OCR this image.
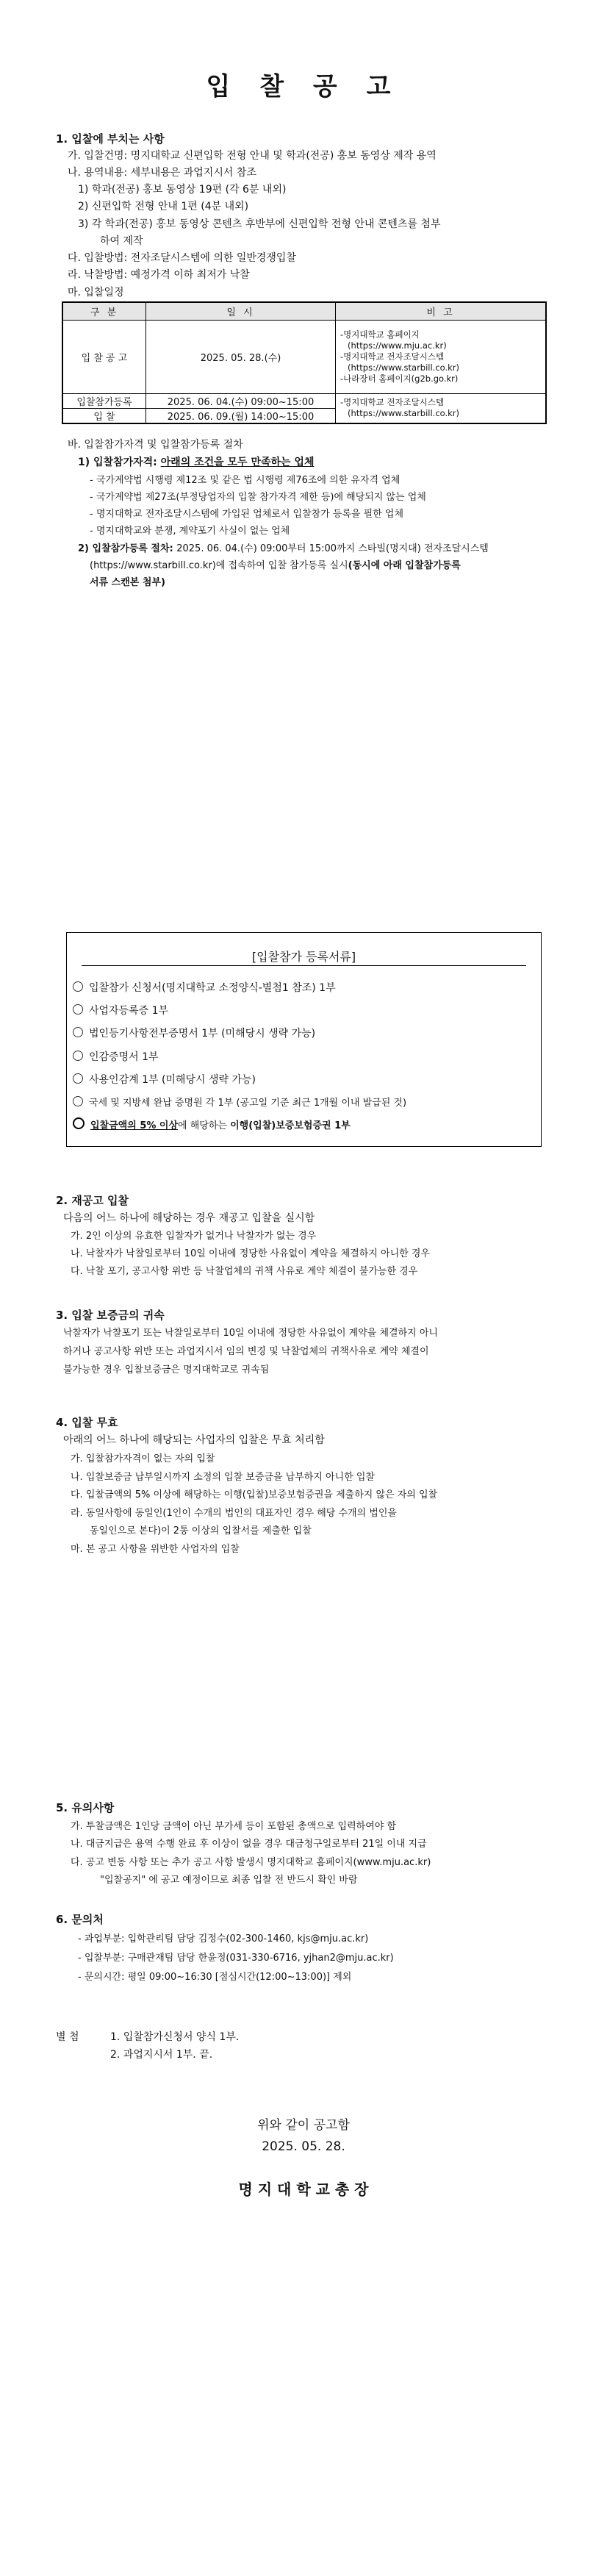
입 찰 공 고
1. 입찰에 부치는 사항
가. 입찰건명: 명지대학교 신편입학 전형 안내 및 학과(전공) 홍보 동영상 제작 용역
나. 용역내용: 세부내용은 과업지시서 참조
1) 학과(전공) 홍보 동영상 19편 (각 6분 내외)
2) 신편입학 전형 안내 1편 (4분 내외)
3) 각 학과(전공) 홍보 동영상 콘텐츠 후반부에 신편입학 전형 안내 콘텐츠를 첨부
하여 제작
다. 입찰방법: 전자조달시스템에 의한 일반경쟁입찰
라. 낙찰방법: 예정가격 이하 최저가 낙찰
마. 입찰일정
구 분	일 시	비 고
입 찰 공 고	2025. 05. 28.(수)	-명지대학교 홈페이지
(https://www.mju.ac.kr)
-명지대학교 전자조달시스템
(https://www.starbill.co.kr)
-나라장터 홈페이지(g2b.go.kr)

입찰참가등록	2025. 06. 04.(수) 09:00~15:00	-명지대학교 전자조달시스템
(https://www.starbill.co.kr)

입 찰	2025. 06. 09.(월) 14:00~15:00	
바. 입찰참가자격 및 입찰참가등록 절차
1) 입찰참가자격: 아래의 조건을 모두 만족하는 업체
- 국가계약법 시행령 제12조 및 같은 법 시행령 제76조에 의한 유자격 업체
- 국가계약법 제27조(부정당업자의 입찰 참가자격 제한 등)에 해당되지 않는 업체
- 명지대학교 전자조달시스템에 가입된 업체로서 입찰참가 등록을 필한 업체
- 명지대학교와 분쟁, 계약포기 사실이 없는 업체
2) 입찰참가등록 절차: 2025. 06. 04.(수) 09:00부터 15:00까지 스타빌(명지대) 전자조달시스템
(https://www.starbill.co.kr)에 접속하여 입찰 참가등록 실시(동시에 아래 입찰참가등록
서류 스캔본 첨부)
[입찰참가 등록서류]
입찰참가 신청서(명지대학교 소정양식-별첨1 참조) 1부
사업자등록증 1부
법인등기사항전부증명서 1부 (미해당시 생략 가능)
인감증명서 1부
사용인감계 1부 (미해당시 생략 가능)
국세 및 지방세 완납 증명원 각 1부 (공고일 기준 최근 1개월 이내 발급된 것)
입찰금액의 5% 이상에 해당하는 이행(입찰)보증보험증권 1부
2. 재공고 입찰
다음의 어느 하나에 해당하는 경우 재공고 입찰을 실시함
가. 2인 이상의 유효한 입찰자가 없거나 낙찰자가 없는 경우
나. 낙찰자가 낙찰일로부터 10일 이내에 정당한 사유없이 계약을 체결하지 아니한 경우
다. 낙찰 포기, 공고사항 위반 등 낙찰업체의 귀책 사유로 계약 체결이 불가능한 경우
3. 입찰 보증금의 귀속
낙찰자가 낙찰포기 또는 낙찰일로부터 10일 이내에 정당한 사유없이 계약을 체결하지 아니
하거나 공고사항 위반 또는 과업지시서 임의 변경 및 낙찰업체의 귀책사유로 계약 체결이
불가능한 경우 입찰보증금은 명지대학교로 귀속됨
4. 입찰 무효
아래의 어느 하나에 해당되는 사업자의 입찰은 무효 처리함
가. 입찰참가자격이 없는 자의 입찰
나. 입찰보증금 납부일시까지 소정의 입찰 보증금을 납부하지 아니한 입찰
다. 입찰금액의 5% 이상에 해당하는 이행(입찰)보증보험증권을 제출하지 않은 자의 입찰
라. 동일사항에 동일인(1인이 수개의 법인의 대표자인 경우 해당 수개의 법인을
동일인으로 본다)이 2통 이상의 입찰서를 제출한 입찰
마. 본 공고 사항을 위반한 사업자의 입찰
5. 유의사항
가. 투찰금액은 1인당 금액이 아닌 부가세 등이 포함된 총액으로 입력하여야 함
나. 대금지급은 용역 수행 완료 후 이상이 없을 경우 대금청구일로부터 21일 이내 지급
다. 공고 변동 사항 또는 추가 공고 사항 발생시 명지대학교 홈페이지(www.mju.ac.kr)
"입찰공지" 에 공고 예정이므로 최종 입찰 전 반드시 확인 바람
6. 문의처
- 과업부분: 입학관리팀 담당 김정수(02-300-1460, kjs@mju.ac.kr)
- 입찰부분: 구매관재팀 담당 한윤정(031-330-6716, yjhan2@mju.ac.kr)
- 문의시간: 평일 09:00~16:30 [점심시간(12:00~13:00)] 제외
별 첨	1. 입찰참가신청서 양식 1부.
2. 과업지시서 1부. 끝.
위와 같이 공고함
2025. 05. 28.
명 지 대 학 교 총 장
